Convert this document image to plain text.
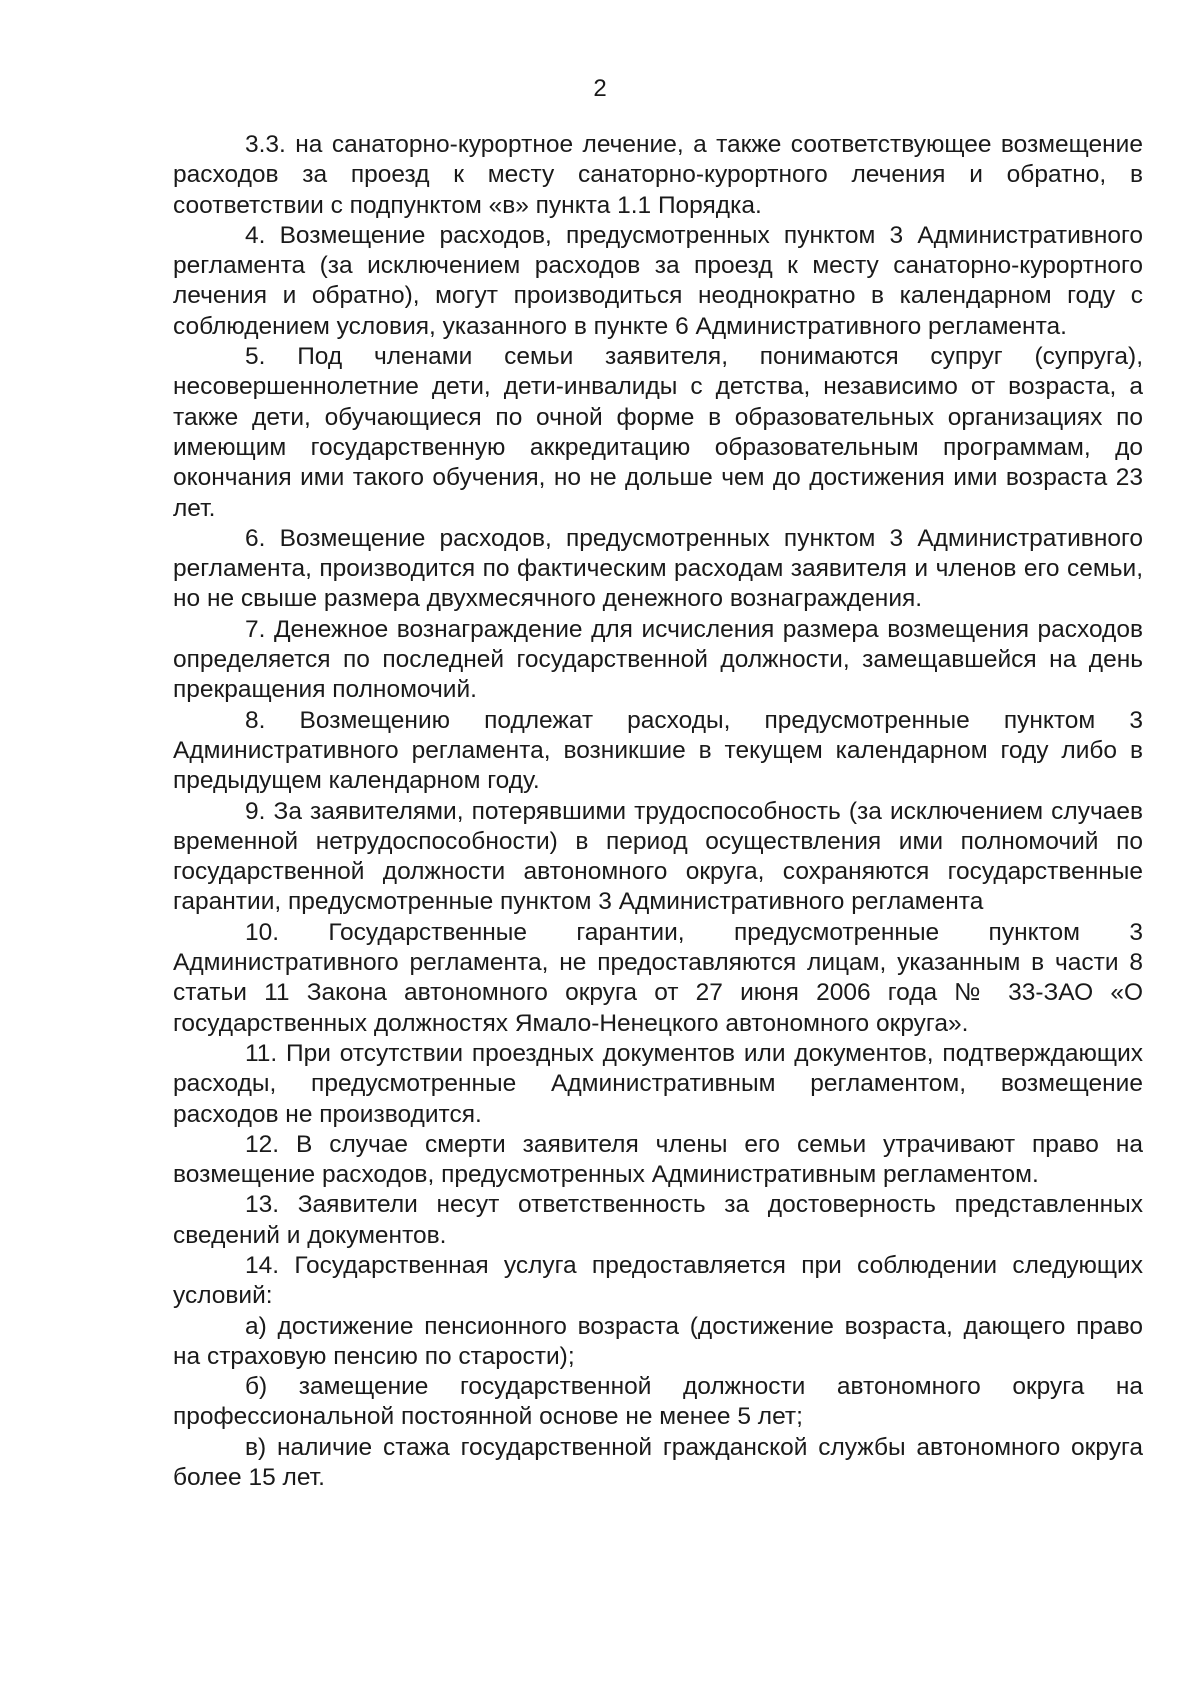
2

3.3. на санаторно-курортное лечение, а также соответствующее возмещение расходов за проезд к месту санаторно-курортного лечения и обратно, в соответствии с подпунктом «в» пункта 1.1 Порядка.

4. Возмещение расходов, предусмотренных пунктом 3 Административного регламента (за исключением расходов за проезд к месту санаторно-курортного лечения и обратно), могут производиться неоднократно в календарном году с соблюдением условия, указанного в пункте 6 Административного регламента.

5. Под членами семьи заявителя, понимаются супруг (супруга), несовершеннолетние дети, дети-инвалиды с детства, независимо от возраста, а также дети, обучающиеся по очной форме в образовательных организациях по имеющим государственную аккредитацию образовательным программам, до окончания ими такого обучения, но не дольше чем до достижения ими возраста 23 лет.

6. Возмещение расходов, предусмотренных пунктом 3 Административного регламента, производится по фактическим расходам заявителя и членов его семьи, но не свыше размера двухмесячного денежного вознаграждения.

7. Денежное вознаграждение для исчисления размера возмещения расходов определяется по последней государственной должности, замещавшейся на день прекращения полномочий.

8. Возмещению подлежат расходы, предусмотренные пунктом 3 Административного регламента, возникшие в текущем календарном году либо в предыдущем календарном году.

9. За заявителями, потерявшими трудоспособность (за исключением случаев временной нетрудоспособности) в период осуществления ими полномочий по государственной должности автономного округа, сохраняются государственные гарантии, предусмотренные пунктом 3 Административного регламента

10. Государственные гарантии, предусмотренные пунктом 3 Административного регламента, не предоставляются лицам, указанным в части 8 статьи 11 Закона автономного округа от 27 июня 2006 года № 33-ЗАО «О государственных должностях Ямало-Ненецкого автономного округа».

11. При отсутствии проездных документов или документов, подтверждающих расходы, предусмотренные Административным регламентом, возмещение расходов не производится.

12. В случае смерти заявителя члены его семьи утрачивают право на возмещение расходов, предусмотренных Административным регламентом.

13. Заявители несут ответственность за достоверность представленных сведений и документов.

14. Государственная услуга предоставляется при соблюдении следующих условий:

а) достижение пенсионного возраста (достижение возраста, дающего право на страховую пенсию по старости);

б) замещение государственной должности автономного округа на профессиональной постоянной основе не менее 5 лет;

в) наличие стажа государственной гражданской службы автономного округа более 15 лет.
